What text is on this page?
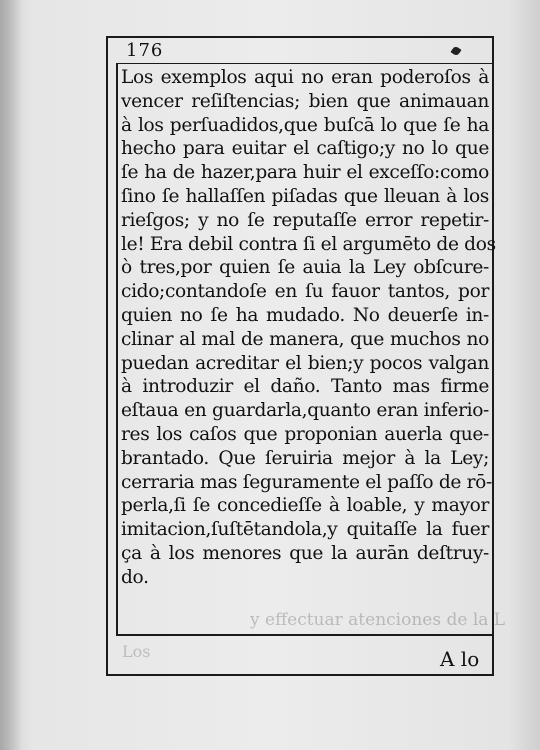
176
Los exemplos aqui no eran poderoſos à
vencer reſiſtencias; bien que animauan
à los perſuadidos,que buſcā lo que ſe ha
hecho para euitar el caſtigo;y no lo que
ſe ha de hazer,para huir el exceſſo:como
ſino ſe hallaſſen piſadas que lleuan à los
rieſgos; y no ſe reputaſſe error repetir-
le! Era debil contra ſi el argumēto de dos
ò tres,por quien ſe auia la Ley obſcure-
cido;contandoſe en ſu fauor tantos, por
quien no ſe ha mudado. No deuerſe in-
clinar al mal de manera, que muchos no
puedan acreditar el bien;y pocos valgan
à introduzir el daño. Tanto mas firme
eſtaua en guardarla,quanto eran inferio-
res los caſos que proponian auerla que-
brantado. Que ſeruiria mejor à la Ley;
cerraria mas ſeguramente el paſſo de rō-
perla,ſi ſe concedieſſe à loable, y mayor
imitacion,ſuſtētandola,y quitaſſe la fuer
ça à los menores que la aurān deſtruy-
do.
y effectuar atenciones de la L
Los	A lo
